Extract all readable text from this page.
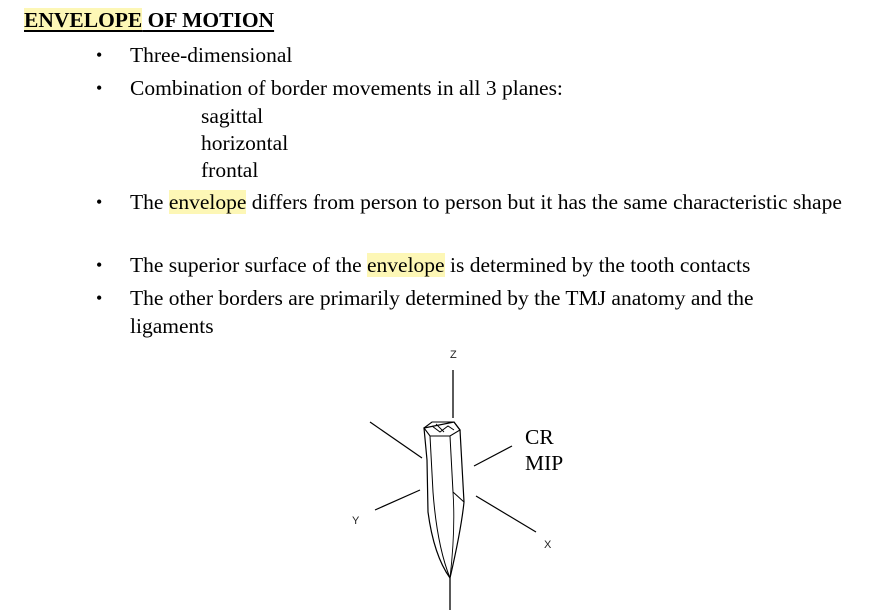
ENVELOPE OF MOTION
• Three-dimensional
• Combination of border movements in all 3 planes:
• The envelope differs from person to person but it has the same characteristic shape
• The superior surface of the envelope is determined by the tooth contacts
• The other borders are primarily determined by the TMJ anatomy and the ligaments
sagittal
horizontal
frontal
Z
Y
X
CR
MIP
